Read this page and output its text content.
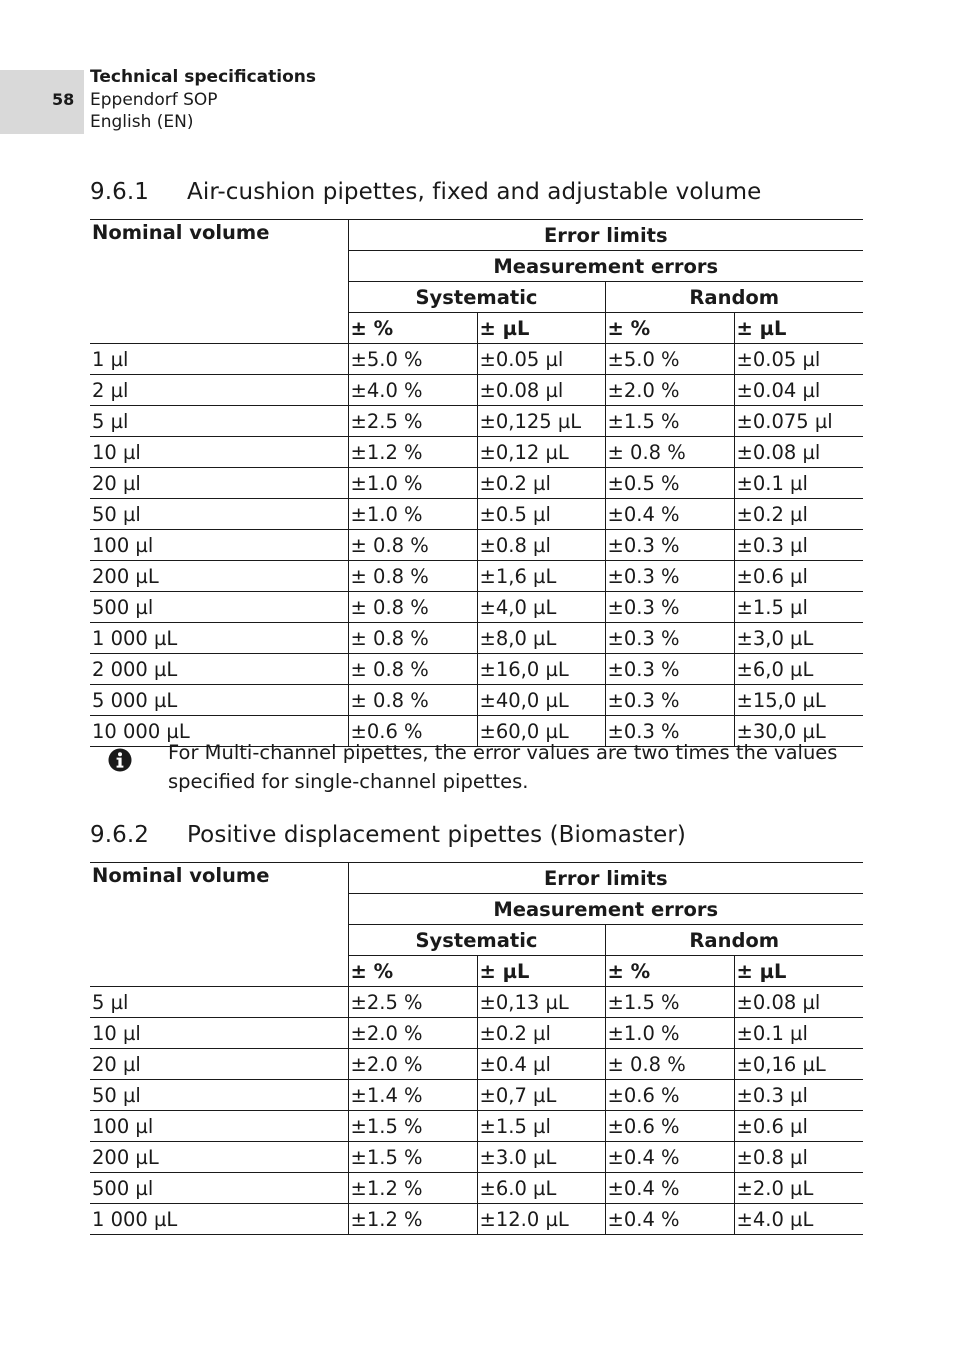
58
Technical specifications
Eppendorf SOP
English (EN)
9.6.1 Air-cushion pipettes, fixed and adjustable volume
Nominal volume	Error limits			
	Measurement errors			
	Systematic		Random	
	± %	± µL	± %	± µL
1 µl	±5.0 %	±0.05 µl	±5.0 %	±0.05 µl
2 µl	±4.0 %	±0.08 µl	±2.0 %	±0.04 µl
5 µl	±2.5 %	±0,125 µL	±1.5 %	±0.075 µl
10 µl	±1.2 %	±0,12 µL	± 0.8 %	±0.08 µl
20 µl	±1.0 %	±0.2 µl	±0.5 %	±0.1 µl
50 µl	±1.0 %	±0.5 µl	±0.4 %	±0.2 µl
100 µl	± 0.8 %	±0.8 µl	±0.3 %	±0.3 µl
200 µL	± 0.8 %	±1,6 µL	±0.3 %	±0.6 µl
500 µl	± 0.8 %	±4,0 µL	±0.3 %	±1.5 µl
1 000 µL	± 0.8 %	±8,0 µL	±0.3 %	±3,0 µL
2 000 µL	± 0.8 %	±16,0 µL	±0.3 %	±6,0 µL
5 000 µL	± 0.8 %	±40,0 µL	±0.3 %	±15,0 µL
10 000 µL	±0.6 %	±60,0 µL	±0.3 %	±30,0 µL
For Multi-channel pipettes, the error values are two times the values specified for single-channel pipettes.
9.6.2 Positive displacement pipettes (Biomaster)
Nominal volume	Error limits			
	Measurement errors			
	Systematic		Random	
	± %	± µL	± %	± µL
5 µl	±2.5 %	±0,13 µL	±1.5 %	±0.08 µl
10 µl	±2.0 %	±0.2 µl	±1.0 %	±0.1 µl
20 µl	±2.0 %	±0.4 µl	± 0.8 %	±0,16 µL
50 µl	±1.4 %	±0,7 µL	±0.6 %	±0.3 µl
100 µl	±1.5 %	±1.5 µl	±0.6 %	±0.6 µl
200 µL	±1.5 %	±3.0 µL	±0.4 %	±0.8 µl
500 µl	±1.2 %	±6.0 µL	±0.4 %	±2.0 µL
1 000 µL	±1.2 %	±12.0 µL	±0.4 %	±4.0 µL
